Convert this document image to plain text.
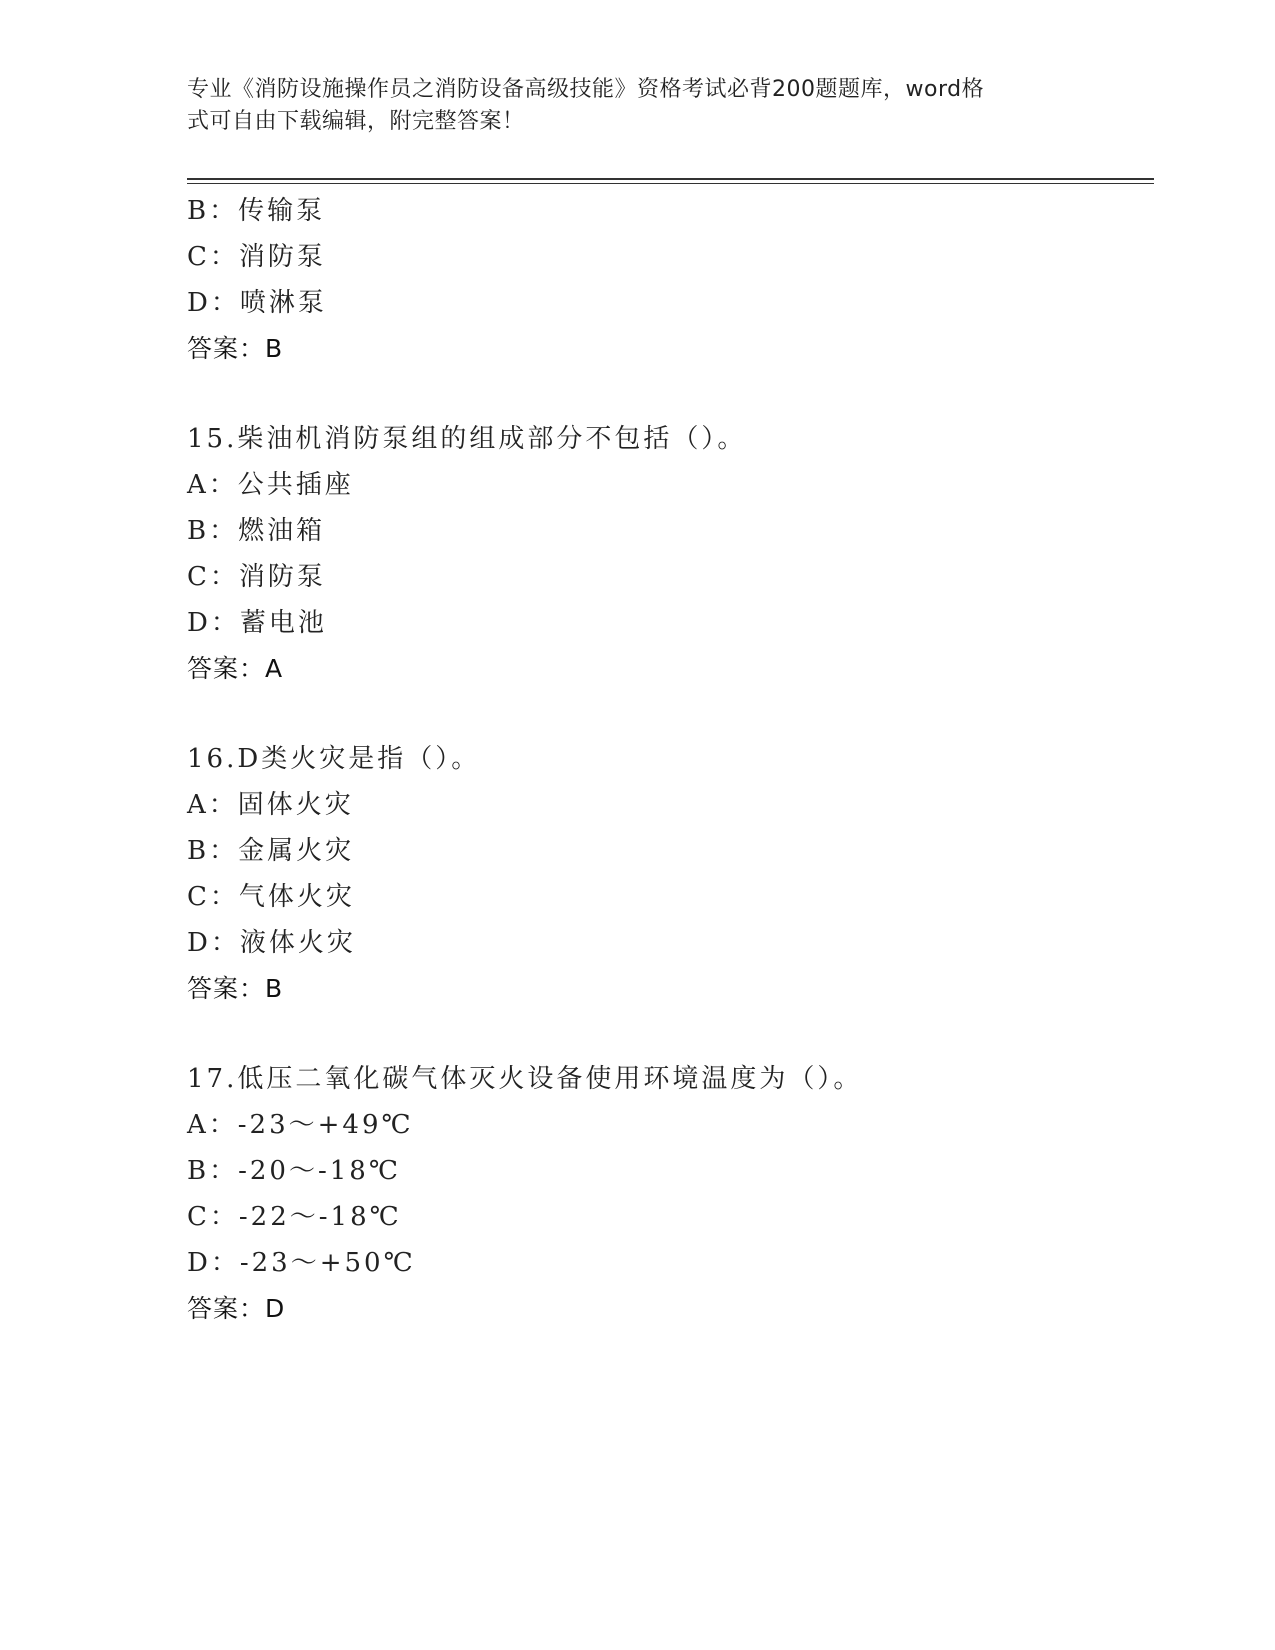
专业《消防设施操作员之消防设备高级技能》资格考试必背200题题库，word格
式可自由下载编辑，附完整答案！
B：传输泵
C：消防泵
D：喷淋泵
答案：B
15.柴油机消防泵组的组成部分不包括（）。
A：公共插座
B：燃油箱
C：消防泵
D：蓄电池
答案：A
16.D类火灾是指（）。
A：固体火灾
B：金属火灾
C：气体火灾
D：液体火灾
答案：B
17.低压二氧化碳气体灭火设备使用环境温度为（）。
A：-23～+49℃
B：-20～-18℃
C：-22～-18℃
D：-23～+50℃
答案：D
